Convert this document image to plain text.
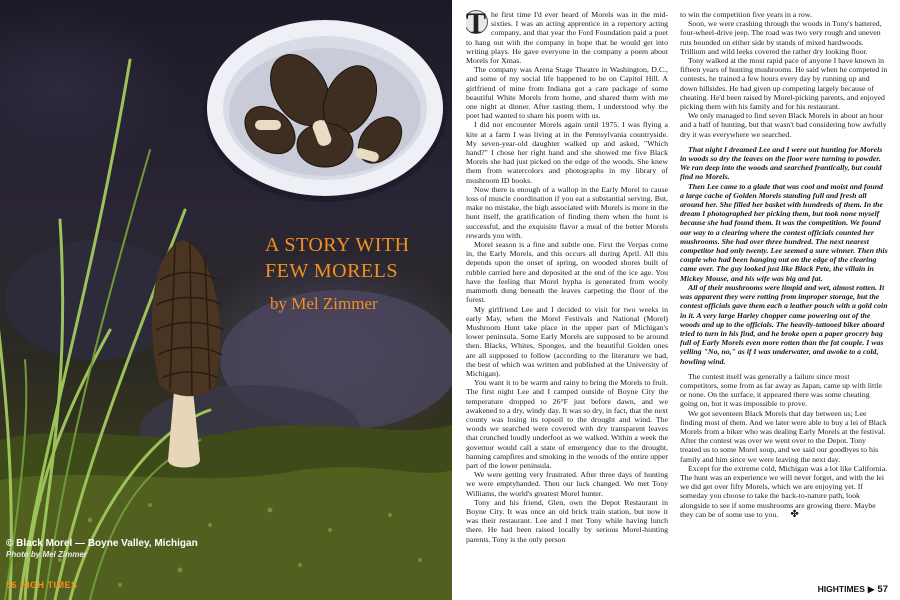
A STORY WITH
FEW MORELS
by Mel Zimmer
© Black Morel — Boyne Valley, Michigan
Photo by Mel Zimmer
56 HIGH TIMES
T he first time I'd ever heard of Morels was in the mid-sixties. I was an acting apprentice in a repertory acting company, and that year the Ford Foundation paid a poet to hang out with the company in hope that he would get into writing plays. He gave everyone in the company a poem about Morels for Xmas.

The company was Arena Stage Theatre in Washington, D.C., and some of my social life happened to be on Capitol Hill. A girlfriend of mine from Indiana got a care package of some beautiful White Morels from home, and shared them with me one night at dinner. After tasting them, I understood why the poet had wanted to share his poem with us.

I did not encounter Morels again until 1975. I was flying a kite at a farm I was living at in the Pennsylvania countryside. My seven-year-old daughter walked up and asked, "Which hand?" I chose her right hand and she showed me five Black Morels she had just picked on the edge of the woods. She knew them from watercolors and photographs in my library of mushroom ID books.

Now there is enough of a wallop in the Early Morel to cause loss of muscle coordination if you eat a substantial serving. But, make no mistake, the high associated with Morels is more in the hunt itself, the gratification of finding them when the hunt is successful, and the exquisite flavor a meal of the better Morels rewards you with.

Morel season is a fine and subtle one. First the Verpas come in, the Early Morels, and this occurs all during April. All this depends upon the onset of spring, on wooded shores built of rubble carried here and deposited at the end of the ice age. You have the feeling that Morel hypha is generated from wooly mammoth dung beneath the leaves carpeting the floor of the forest.

My girlfriend Lee and I decided to visit for two weeks in early May, when the Morel Festivals and National (Morel) Mushroom Hunt take place in the upper part of Michigan's lower peninsula. Some Early Morels are supposed to be around then. Blacks, Whites, Sponges, and the beautiful Golden ones are all supposed to follow (according to the literature we had, the best of which was written and published at the University of Michigan).

You want it to be warm and rainy to bring the Morels to fruit. The first night Lee and I camped outside of Boyne City the temperature dropped to 26°F just before dawn, and we awakened to a dry, windy day. It was so dry, in fact, that the next county was losing its topsoil to the drought and wind. The woods we searched were covered with dry transparent leaves that crunched loudly underfoot as we walked. Within a week the governor would call a state of emergency due to the drought, banning campfires and smoking in the woods of the entire upper part of the lower peninsula.

We were getting very frustrated. After three days of hunting we were emptyhanded. Then our luck changed. We met Tony Williams, the world's greatest Morel hunter.

Tony and his friend, Glen, own the Depot Restaurant in Boyne City. It was once an old brick train station, but now it was their restaurant. Lee and I met Tony while having lunch there. He had been raised locally by serious Morel-hunting parents. Tony is the only person

to win the competition five years in a row.

Soon, we were crashing through the woods in Tony's battered, four-wheel-drive jeep. The road was two very rough and uneven ruts bounded on either side by stands of mixed hardwoods. Trillium and wild leeks covered the rather dry looking floor.

Tony walked at the most rapid pace of anyone I have known in fifteen years of hunting mushrooms. He said when he competed in contests, he trained a few hours every day by running up and down hillsides. He had given up competing largely because of cheating. He'd been raised by Morel-picking parents, and enjoyed picking them with his family and for his restaurant.

We only managed to find seven Black Morels in about an hour and a half of hunting, but that wasn't bad considering how awfully dry it was everywhere we searched.

That night I dreamed Lee and I were out hunting for Morels in woods so dry the leaves on the floor were turning to powder. We ran deep into the woods and searched frantically, but could find no Morels.

Then Lee came to a glade that was cool and moist and found a large cache of Golden Morels standing full and fresh all around her. She filled her basket with hundreds of them. In the dream I photographed her picking them, but took none myself because she had found them. It was the competition. We found our way to a clearing where the contest officials counted her mushrooms. She had over three hundred. The next nearest competitor had only twenty. Lee seemed a sure winner. Then this couple who had been hanging out on the edge of the clearing came over. The guy looked just like Black Pete, the villain in Mickey Mouse, and his wife was big and fat.

All of their mushrooms were limpid and wet, almost rotten. It was apparent they were rotting from improper storage, but the contest officials gave them each a leather pouch with a gold coin in it. A very large Harley chopper came powering out of the woods and up to the officials. The heavily-tattooed biker aboard tried to turn in his find, and he broke open a paper grocery bag full of Early Morels even more rotten than the fat couple. I was yelling "No, no," as if I was underwater, and awoke to a cold, howling wind.

The contest itself was generally a failure since most competitors, some from as far away as Japan, came up with little or none. On the surface, it appeared there was some cheating going on, but it was impossible to prove.

We got seventeen Black Morels that day between us; Lee finding most of them. And we later were able to buy a lei of Black Morels from a biker who was dealing Early Morels at the festival. After the contest was over we went over to the Depot. Tony treated us to some Morel soup, and we said our goodbyes to his family and him since we were leaving the next day.

Except for the extreme cold, Michigan was a lot like California. The hunt was an experience we will never forget, and with the lei we did get over fifty Morels, which we are enjoying yet. If someday you choose to take the back-to-nature path, look alongside to see if some mushrooms are growing there. Maybe they can be of some use to you. ✤

HIGHTIMES ▶ 57
